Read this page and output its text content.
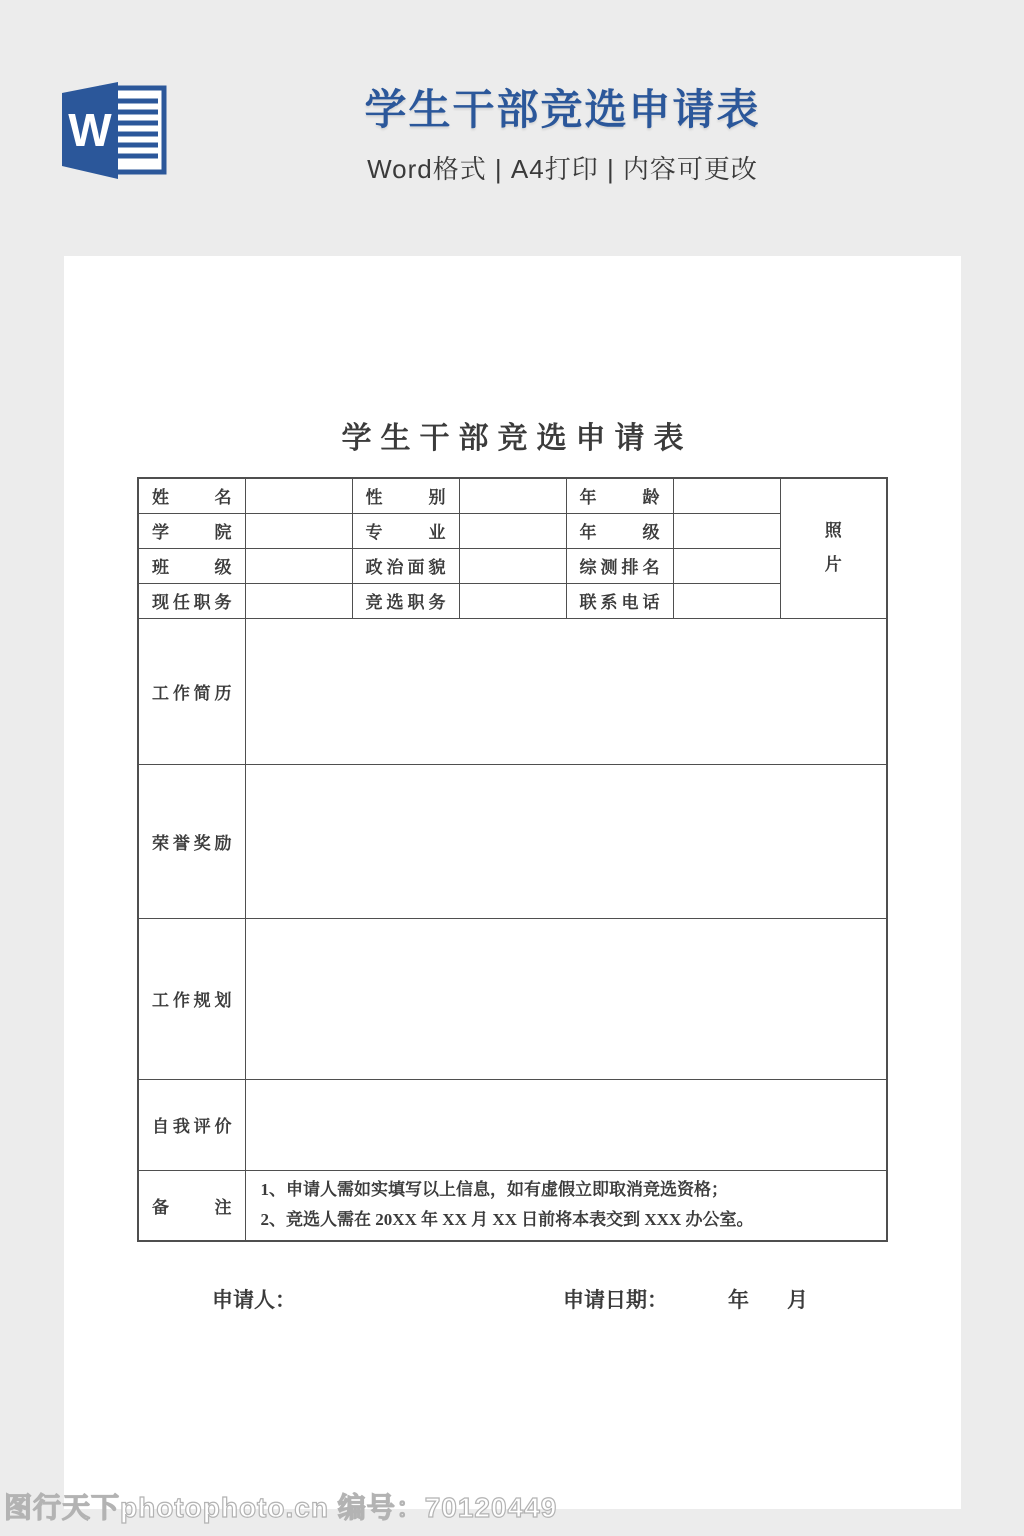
W	学生干部竞选申请表
Word格式 | A4打印 | 内容可更改
学生干部竞选申请表
姓名		性别		年龄		照片
学院		专业		年级		
班级		政治面貌		综测排名		
现任职务		竞选职务		联系电话		
工作简历						
荣誉奖励						
工作规划						
自我评价						
备注	1、申请人需如实填写以上信息，如有虚假立即取消竞选资格；
2、竞选人需在 20XX 年 XX 月 XX 日前将本表交到 XXX 办公室。					
申请人：	申请日期：	年 月
图行天下photophoto.cn 编号：70120449
